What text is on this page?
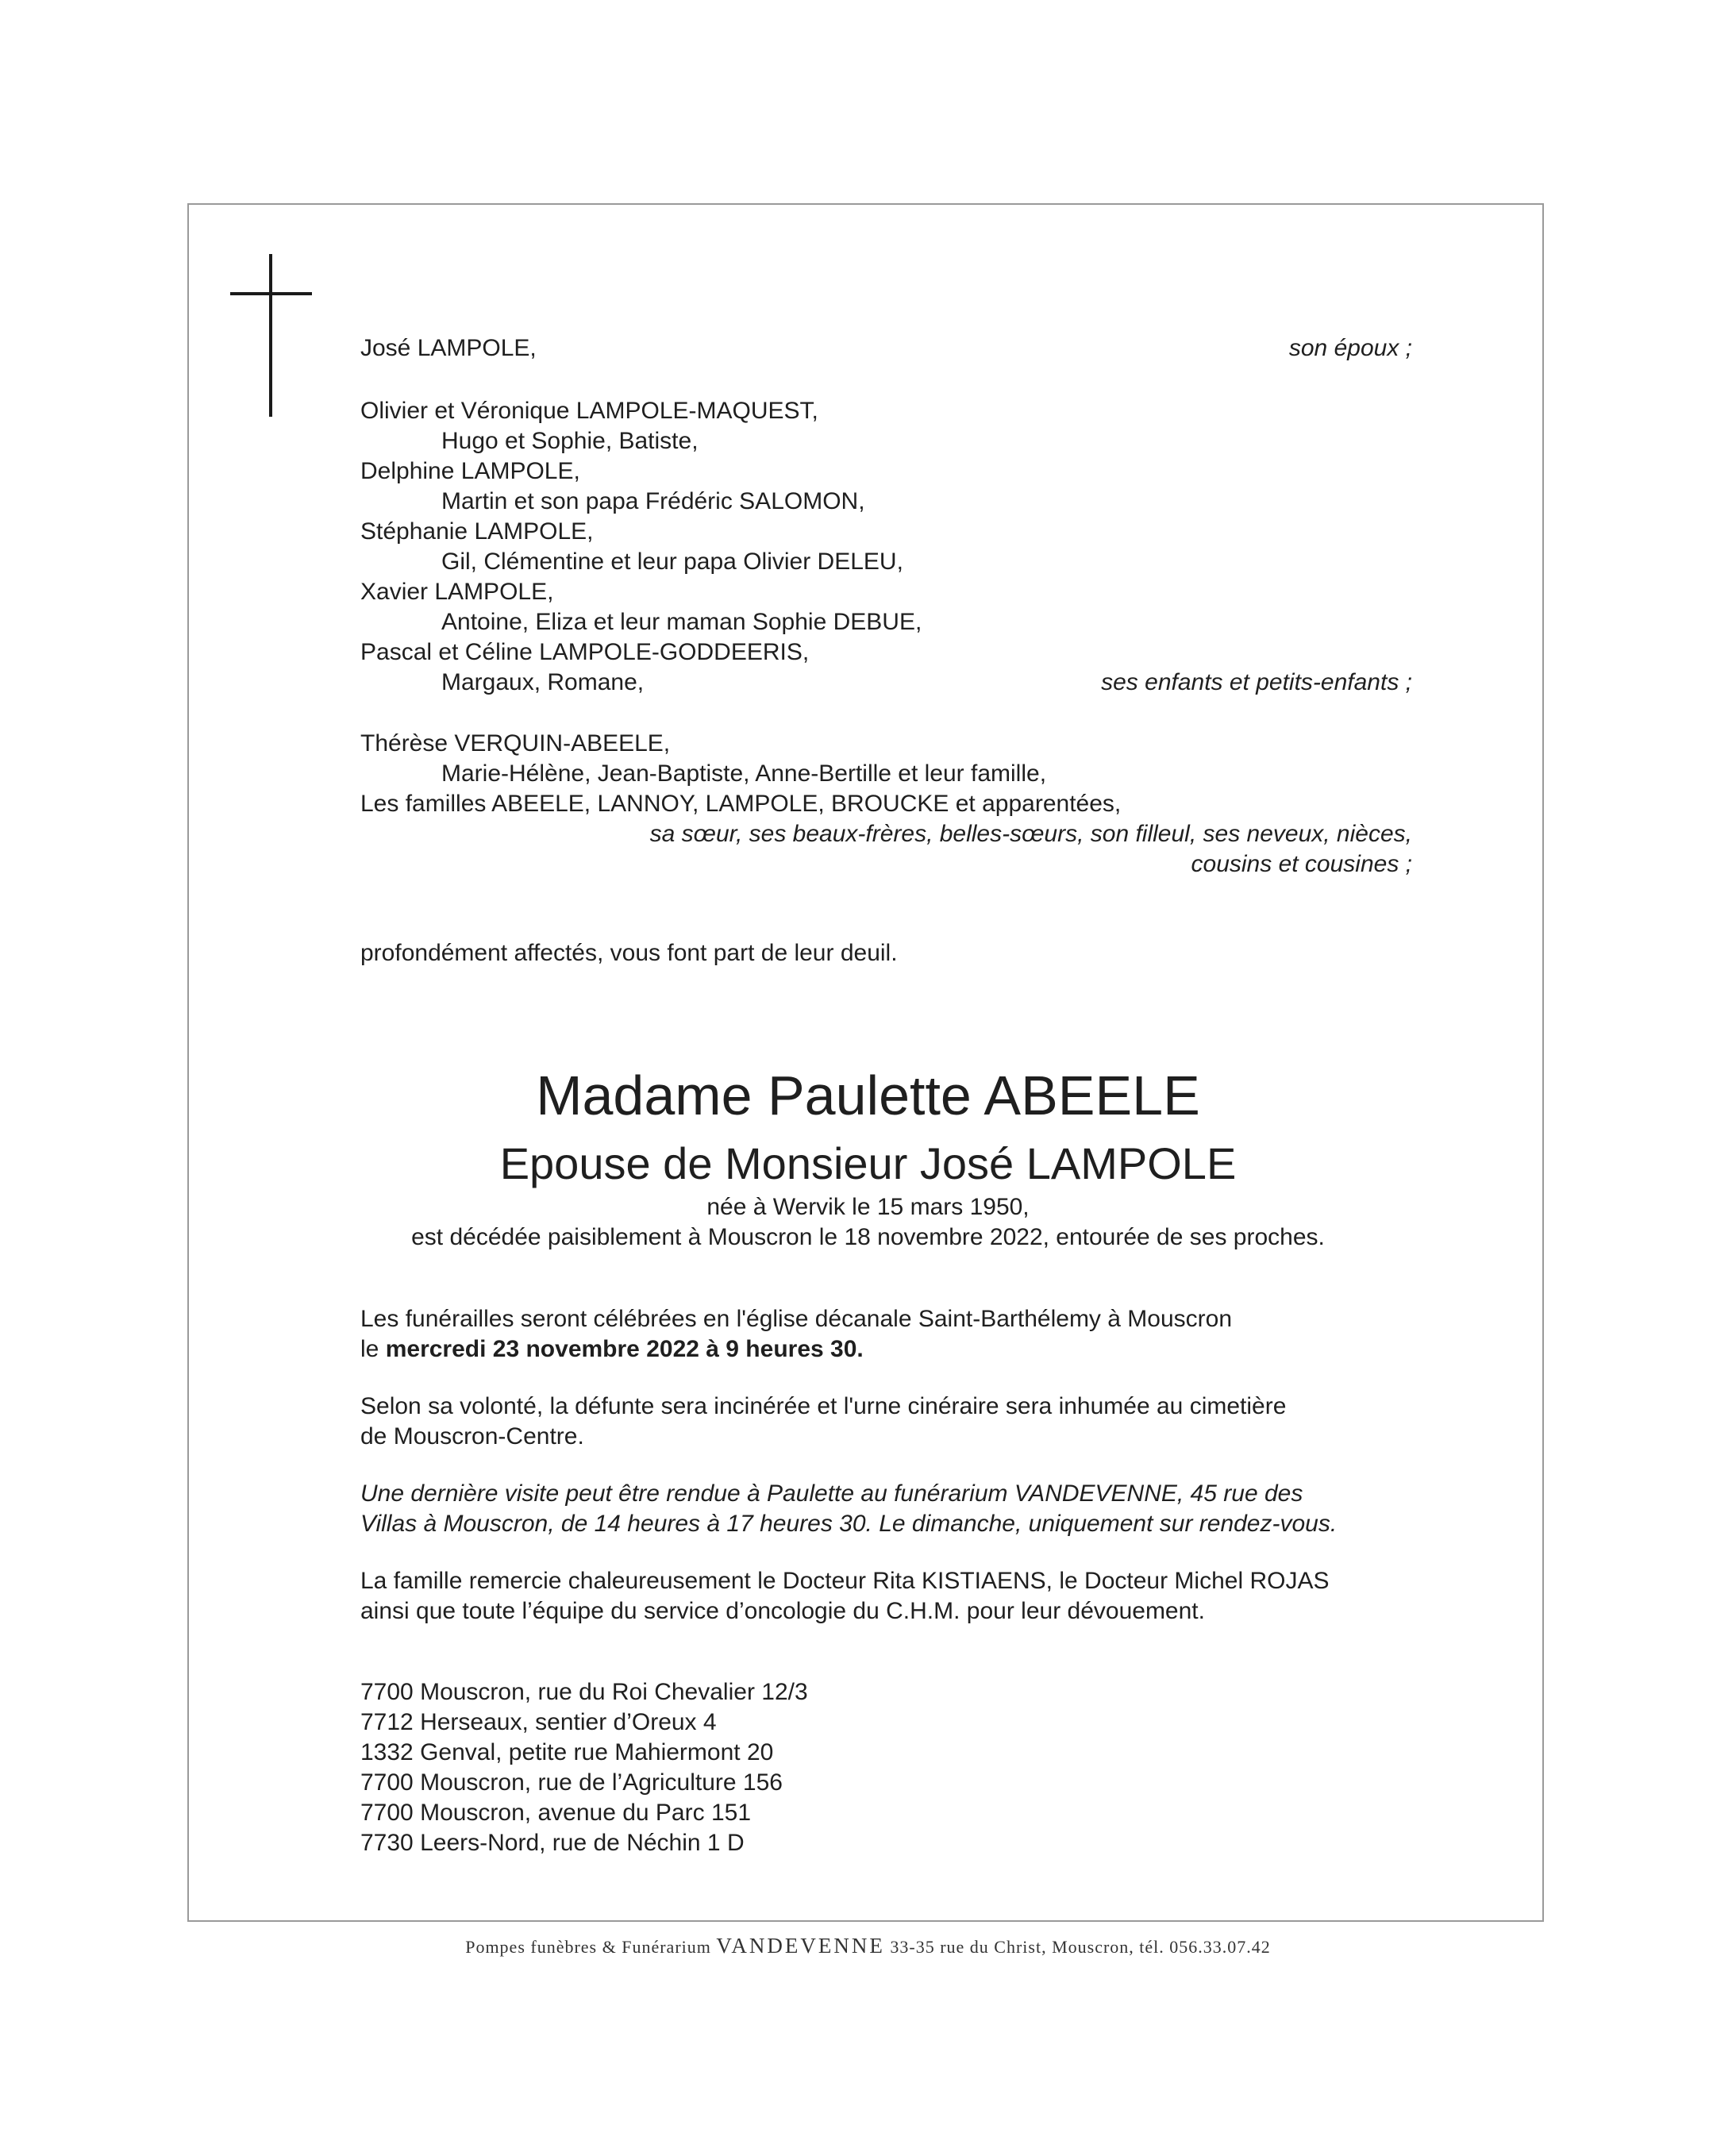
José LAMPOLE,	son époux ;
Olivier et Véronique LAMPOLE-MAQUEST,
Hugo et Sophie, Batiste,
Delphine LAMPOLE,
Martin et son papa Frédéric SALOMON,
Stéphanie LAMPOLE,
Gil, Clémentine et leur papa Olivier DELEU,
Xavier LAMPOLE,
Antoine, Eliza et leur maman Sophie DEBUE,
Pascal et Céline LAMPOLE-GODDEERIS,
Margaux, Romane,	ses enfants et petits-enfants ;
Thérèse VERQUIN-ABEELE,
Marie-Hélène, Jean-Baptiste, Anne-Bertille et leur famille,
Les familles ABEELE, LANNOY, LAMPOLE, BROUCKE et apparentées,
sa sœur, ses beaux-frères, belles-sœurs, son filleul, ses neveux, nièces,
cousins et cousines ;
profondément affectés, vous font part de leur deuil.
Madame Paulette ABEELE
Epouse de Monsieur José LAMPOLE
née à Wervik le 15 mars 1950,
est décédée paisiblement à Mouscron le 18 novembre 2022, entourée de ses proches.
Les funérailles seront célébrées en l'église décanale Saint-Barthélemy à Mouscron
le mercredi 23 novembre 2022 à 9 heures 30.
Selon sa volonté, la défunte sera incinérée et l'urne cinéraire sera inhumée au cimetière
de Mouscron-Centre.
Une dernière visite peut être rendue à Paulette au funérarium VANDEVENNE, 45 rue des
Villas à Mouscron, de 14 heures à 17 heures 30. Le dimanche, uniquement sur rendez-vous.
La famille remercie chaleureusement le Docteur Rita KISTIAENS, le Docteur Michel ROJAS
ainsi que toute l’équipe du service d’oncologie du C.H.M. pour leur dévouement.
7700 Mouscron, rue du Roi Chevalier 12/3
7712 Herseaux, sentier d’Oreux 4
1332 Genval, petite rue Mahiermont 20
7700 Mouscron, rue de l’Agriculture 156
7700 Mouscron, avenue du Parc 151
7730 Leers-Nord, rue de Néchin 1 D
Pompes funèbres & Funérarium VANDEVENNE 33-35 rue du Christ, Mouscron, tél. 056.33.07.42
